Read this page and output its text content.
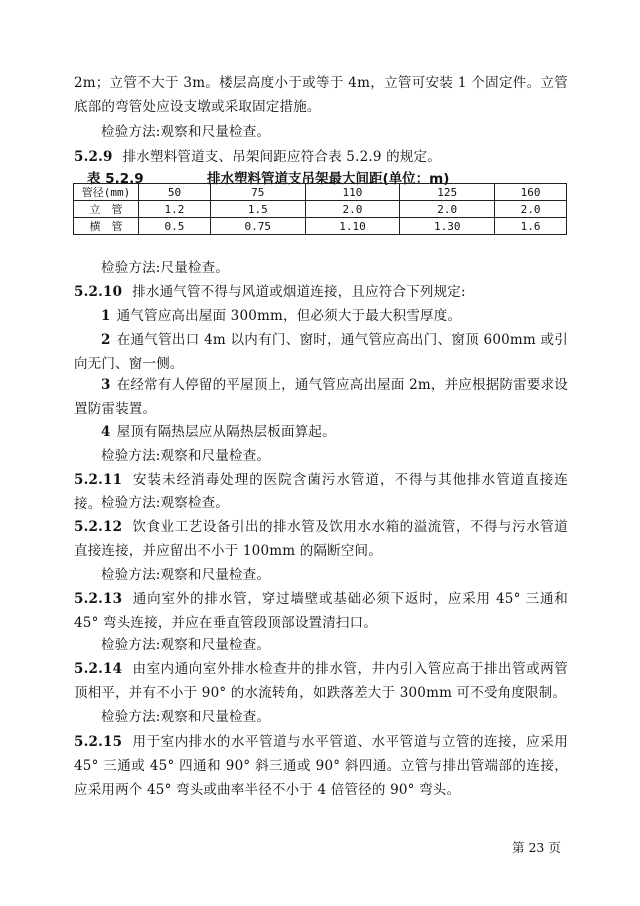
2m；立管不大于 3m。楼层高度小于或等于 4m，立管可安装 1 个固定件。立管底部的弯管处应设支墩或采取固定措施。
检验方法:观察和尺量检查。
5.2.9 排水塑料管道支、吊架间距应符合表 5.2.9 的规定。
表 5.2.9	排水塑料管道支吊架最大间距(单位：m)
管径(mm)	50	75	110	125	160
立　管	1.2	1.5	2.0	2.0	2.0
横　管	0.5	0.75	1.10	1.30	1.6
检验方法:尺量检查。
5.2.10 排水通气管不得与风道或烟道连接，且应符合下列规定:
1 通气管应高出屋面 300mm，但必须大于最大积雪厚度。
2 在通气管出口 4m 以内有门、窗时，通气管应高出门、窗顶 600mm 或引向无门、窗一侧。
3 在经常有人停留的平屋顶上，通气管应高出屋面 2m，并应根据防雷要求设置防雷装置。
4 屋顶有隔热层应从隔热层板面算起。
检验方法:观察和尺量检查。
5.2.11 安装未经消毒处理的医院含菌污水管道，不得与其他排水管道直接连接。 检验方法:观察检查。
5.2.12 饮食业工艺设备引出的排水管及饮用水水箱的溢流管，不得与污水管道直接连接，并应留出不小于 100mm 的隔断空间。
检验方法:观察和尺量检查。
5.2.13 通向室外的排水管，穿过墙壁或基础必须下返时，应采用 45° 三通和 45° 弯头连接，并应在垂直管段顶部设置清扫口。
检验方法:观察和尺量检查。
5.2.14 由室内通向室外排水检查井的排水管，井内引入管应高于排出管或两管顶相平，并有不小于 90° 的水流转角，如跌落差大于 300mm 可不受角度限制。
检验方法:观察和尺量检查。
5.2.15 用于室内排水的水平管道与水平管道、水平管道与立管的连接，应采用 45° 三通或 45° 四通和 90° 斜三通或 90° 斜四通。立管与排出管端部的连接，应采用两个 45° 弯头或曲率半径不小于 4 倍管径的 90° 弯头。
第 23 页
